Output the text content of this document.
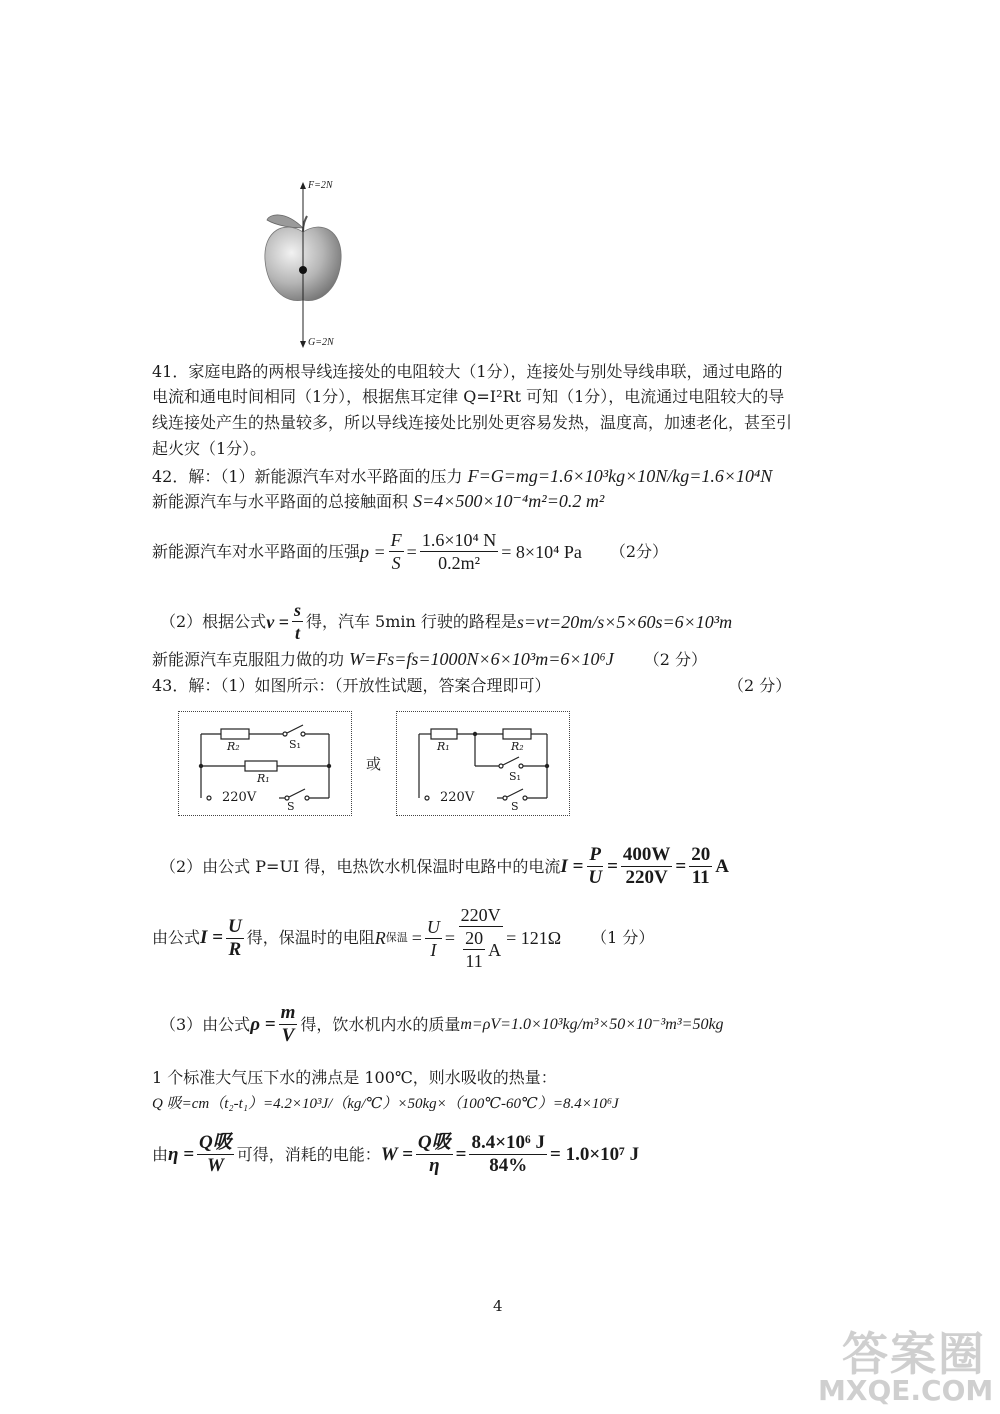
F=2N
G=2N
41．家庭电路的两根导线连接处的电阻较大（1分），连接处与别处导线串联，通过电路的
电流和通电时间相同（1分），根据焦耳定律 Q=I²Rt 可知（1分），电流通过电阻较大的导
线连接处产生的热量较多，所以导线连接处比别处更容易发热，温度高，加速老化，甚至引
起火灾（1分）。
42．解：（1）新能源汽车对水平路面的压力 F=G=mg=1.6×10³kg×10N/kg=1.6×10⁴N
新能源汽车与水平路面的总接触面积 S=4×500×10⁻⁴m²=0.2 m²
新能源汽车对水平路面的压强 $p = \frac{F}{S} = \frac{\text{1.6×10⁴ N}}{\text{0.2m²}} = 8\times 10^4$ Pa （2分）
（2）根据公式 $v = \frac{s}{t}$ 得，汽车 5min 行驶的路程是 s=vt=20m/s×5×60s=6×10³m
新能源汽车克服阻力做的功 W=Fs=fs=1000N×6×10³m=6×10⁶J （2 分）
43．解：（1）如图所示：（开放性试题，答案合理即可）	（2 分）
R₂	S₁
R₁
220V
S
或
R₁	R₂
S₁
220V
S
（2）由公式 P=UI 得，电热饮水机保温时电路中的电流 $I = \frac{P}{U} = \frac{400W}{220V} = \frac{20}{11}$ A
由公式 $I = \frac{U}{R}$ 得，保温时的电阻 R 保温 = $\frac{U}{I} = \frac{220V}{\frac{20}{11} A} = 121\Omega$ （1 分）
（3）由公式 $\rho = \frac{m}{V}$ 得，饮水机内水的质量 m=ρV=1.0×10³kg/m³×50×10⁻³m³=50kg
1 个标准大气压下水的沸点是 100℃，则水吸收的热量：
Q 吸=cm（t₂-t₁）=4.2×10³J/（kg/℃）×50kg×（100℃-60℃）=8.4×10⁶J
由 $\eta = \frac{\text{Q吸}}{W}$ 可得，消耗的电能： $W = \frac{\text{Q吸}}{\eta} = \frac{\text{8.4×10⁶ J}}{84\%} = 1.0\times 10^7$ J
4
答案圈
MXQE.COM
